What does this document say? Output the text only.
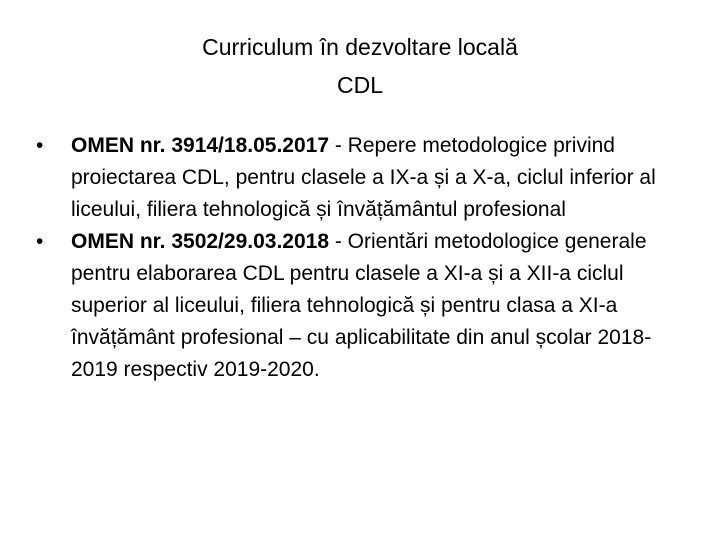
Curriculum în dezvoltare locală
CDL
•	OMEN nr. 3914/18.05.2017 - Repere metodologice privind proiectarea CDL, pentru clasele a IX-a și a X-a, ciclul inferior al liceului, filiera tehnologică și învățământul profesional
•	OMEN nr. 3502/29.03.2018 - Orientări metodologice generale pentru elaborarea CDL pentru clasele a XI-a și a XII-a ciclul superior al liceului, filiera tehnologică și pentru clasa a XI-a învățământ profesional – cu aplicabilitate din anul școlar 2018-2019 respectiv 2019-2020.
